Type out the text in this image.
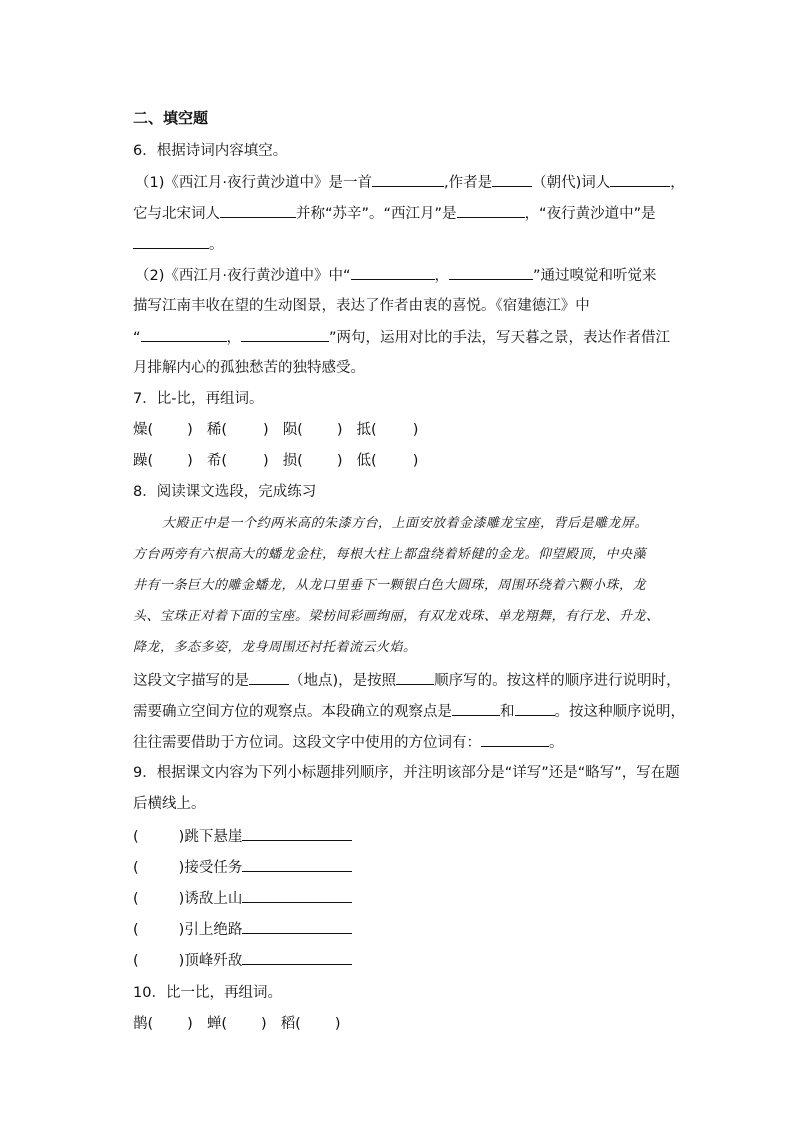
二、填空题
6．根据诗词内容填空。
（1)《西江月·夜行黄沙道中》是一首	,作者是	（朝代)词人	，
它与北宋词人	并称“苏辛”。“西江月”是	，“夜行黄沙道中”是
。
（2)《西江月·夜行黄沙道中》中“	，	”通过嗅觉和听觉来
描写江南丰收在望的生动图景，表达了作者由衷的喜悦。《宿建德江》中
“	，	”两句，运用对比的手法，写天暮之景，表达作者借江
月排解内心的孤独愁苦的独特感受。
7．比-比，再组词。
燥( ) 稀( ) 陨( ) 抵( )
躁( ) 希( ) 损( ) 低( )
8．阅读课文选段，完成练习
大殿正中是一个约两米高的朱漆方台，上面安放着金漆雕龙宝座，背后是雕龙屏。
方台两旁有六根高大的蟠龙金柱，每根大柱上都盘绕着矫健的金龙。仰望殿顶，中央藻
井有一条巨大的雕金蟠龙，从龙口里垂下一颗银白色大圆珠，周围环绕着六颗小珠，龙
头、宝珠正对着下面的宝座。梁枋间彩画绚丽，有双龙戏珠、单龙翔舞，有行龙、升龙、
降龙，多态多姿，龙身周围还衬托着流云火焰。
这段文字描写的是	（地点)，是按照	顺序写的。按这样的顺序进行说明时，
需要确立空间方位的观察点。本段确立的观察点是	和	。按这种顺序说明，
往往需要借助于方位词。这段文字中使用的方位词有：	。
9．根据课文内容为下列小标题排列顺序，并注明该部分是“详写”还是“略写”，写在题
后横线上。
(	)跳下悬崖
(	)接受任务
(	)诱敌上山
(	)引上绝路
(	)顶峰歼敌
10．比一比，再组词。
鹊( ) 蝉( ) 稻( )
